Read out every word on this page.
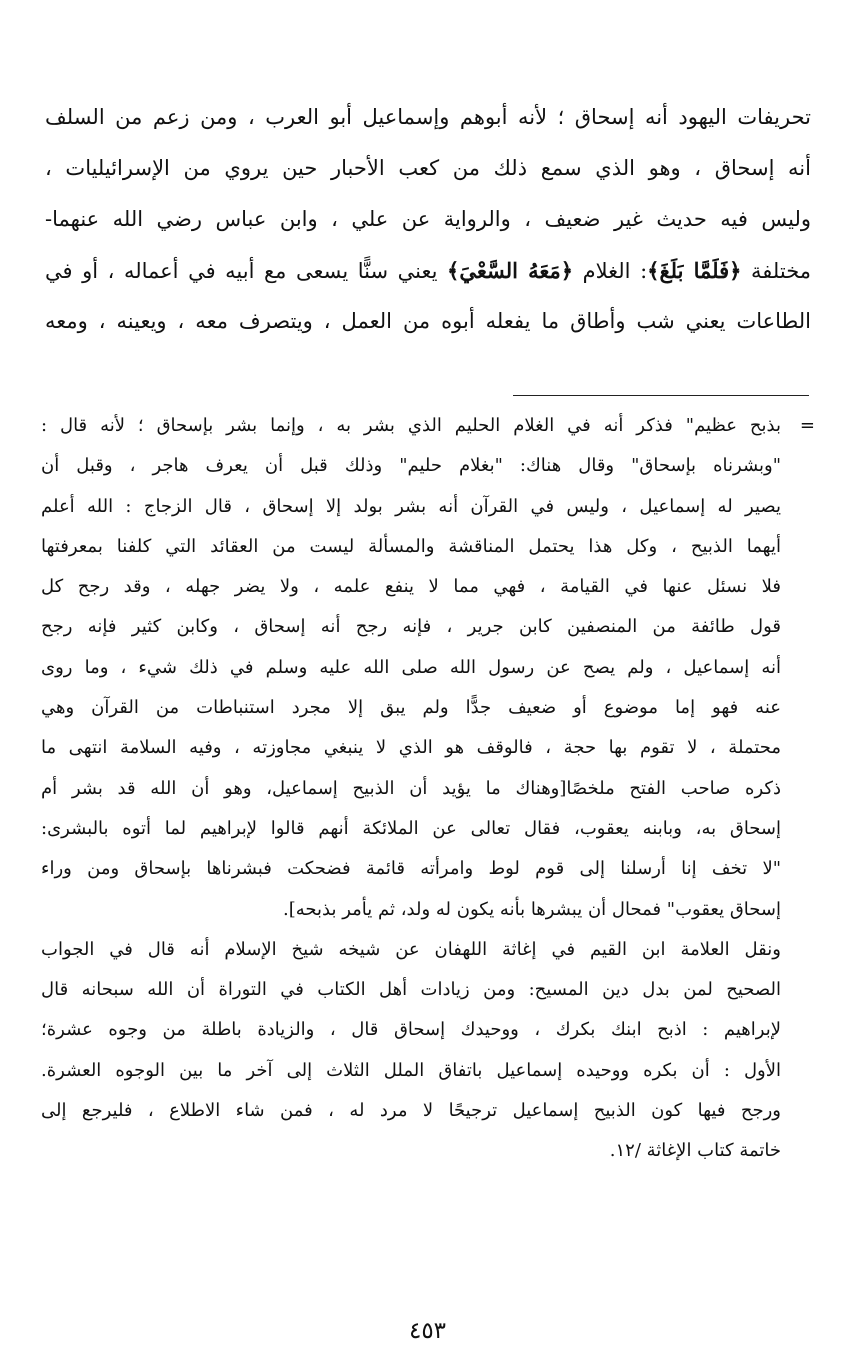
تحريفات اليهود أنه إسحاق ؛ لأنه أبوهم وإسماعيل أبو العرب ، ومن زعم من السلف
أنه إسحاق ، وهو الذي سمع ذلك من كعب الأحبار حين يروي من الإسرائيليات ،
وليس فيه حديث غير ضعيف ، والرواية عن علي ، وابن عباس رضي الله عنهما-
مختلفة ﴿فَلَمَّا بَلَغَ﴾: الغلام ﴿مَعَهُ السَّعْيَ﴾ يعني سنًّا يسعى مع أبيه في أعماله ، أو في
الطاعات يعني شب وأطاق ما يفعله أبوه من العمل ، ويتصرف معه ، ويعينه ، ومعه
=
بذبح عظيم" فذكر أنه في الغلام الحليم الذي بشر به ، وإنما بشر بإسحاق ؛ لأنه قال :
"وبشرناه بإسحاق" وقال هناك: "بغلام حليم" وذلك قبل أن يعرف هاجر ، وقبل أن
يصير له إسماعيل ، وليس في القرآن أنه بشر بولد إلا إسحاق ، قال الزجاج : الله أعلم
أيهما الذبيح ، وكل هذا يحتمل المناقشة والمسألة ليست من العقائد التي كلفنا بمعرفتها
فلا نسئل عنها في القيامة ، فهي مما لا ينفع علمه ، ولا يضر جهله ، وقد رجح كل
قول طائفة من المنصفين كابن جرير ، فإنه رجح أنه إسحاق ، وكابن كثير فإنه رجح
أنه إسماعيل ، ولم يصح عن رسول الله صلى الله عليه وسلم في ذلك شيء ، وما روى
عنه فهو إما موضوع أو ضعيف جدًّا ولم يبق إلا مجرد استنباطات من القرآن وهي
محتملة ، لا تقوم بها حجة ، فالوقف هو الذي لا ينبغي مجاوزته ، وفيه السلامة انتهى ما
ذكره صاحب الفتح ملخصًا[وهناك ما يؤيد أن الذبيح إسماعيل، وهو أن الله قد بشر أم
إسحاق به، وبابنه يعقوب، فقال تعالى عن الملائكة أنهم قالوا لإبراهيم لما أتوه بالبشرى:
"لا تخف إنا أرسلنا إلى قوم لوط وامرأته قائمة فضحكت فبشرناها بإسحاق ومن وراء
إسحاق يعقوب" فمحال أن يبشرها بأنه يكون له ولد، ثم يأمر بذبحه].
ونقل العلامة ابن القيم في إغاثة اللهفان عن شيخه شيخ الإسلام أنه قال في الجواب
الصحيح لمن بدل دين المسيح: ومن زيادات أهل الكتاب في التوراة أن الله سبحانه قال
لإبراهيم : اذبح ابنك بكرك ، ووحيدك إسحاق قال ، والزيادة باطلة من وجوه عشرة؛
الأول : أن بكره ووحيده إسماعيل باتفاق الملل الثلاث إلى آخر ما بين الوجوه العشرة.
ورجح فيها كون الذبيح إسماعيل ترجيحًا لا مرد له ، فمن شاء الاطلاع ، فليرجع إلى
خاتمة كتاب الإغاثة /١٢.
٤٥٣
